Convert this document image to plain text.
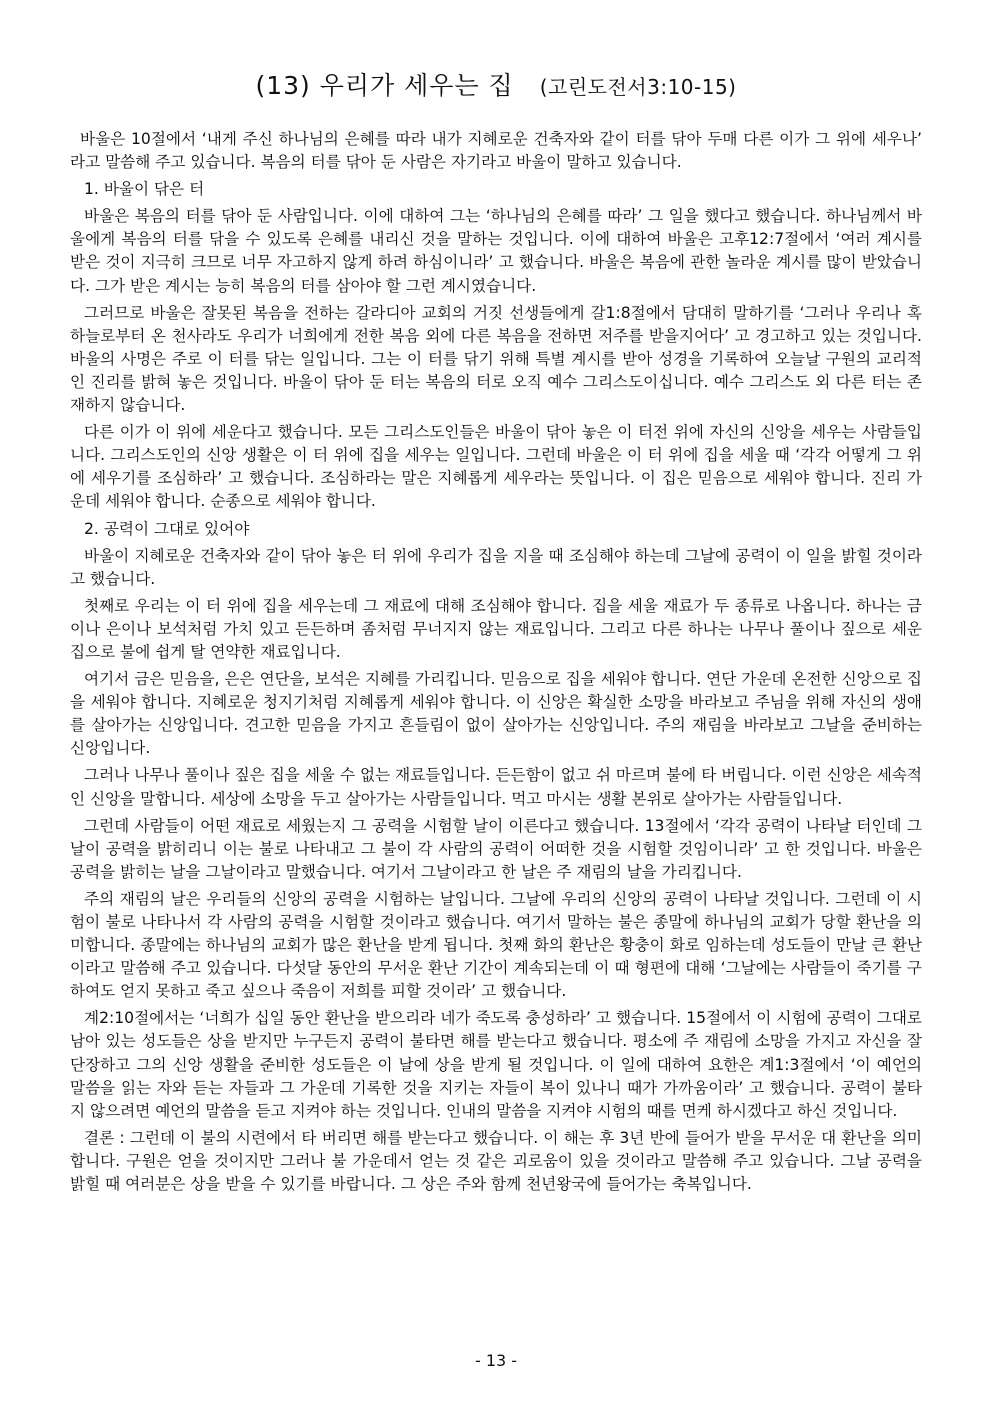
(13) 우리가 세우는 집 (고린도전서3:10-15)

바울은 10절에서 ‘내게 주신 하나님의 은혜를 따라 내가 지혜로운 건축자와 같이 터를 닦아 두매 다른 이가 그 위에 세우나’ 라고 말씀해 주고 있습니다. 복음의 터를 닦아 둔 사람은 자기라고 바울이 말하고 있습니다.

1. 바울이 닦은 터

바울은 복음의 터를 닦아 둔 사람입니다. 이에 대하여 그는 ‘하나님의 은혜를 따라’ 그 일을 했다고 했습니다. 하나님께서 바울에게 복음의 터를 닦을 수 있도록 은혜를 내리신 것을 말하는 것입니다. 이에 대하여 바울은 고후12:7절에서 ‘여러 계시를 받은 것이 지극히 크므로 너무 자고하지 않게 하려 하심이니라’ 고 했습니다. 바울은 복음에 관한 놀라운 계시를 많이 받았습니다. 그가 받은 계시는 능히 복음의 터를 삼아야 할 그런 계시였습니다.

그러므로 바울은 잘못된 복음을 전하는 갈라디아 교회의 거짓 선생들에게 갈1:8절에서 담대히 말하기를 ‘그러나 우리나 혹 하늘로부터 온 천사라도 우리가 너희에게 전한 복음 외에 다른 복음을 전하면 저주를 받을지어다’ 고 경고하고 있는 것입니다. 바울의 사명은 주로 이 터를 닦는 일입니다. 그는 이 터를 닦기 위해 특별 계시를 받아 성경을 기록하여 오늘날 구원의 교리적인 진리를 밝혀 놓은 것입니다. 바울이 닦아 둔 터는 복음의 터로 오직 예수 그리스도이십니다. 예수 그리스도 외 다른 터는 존재하지 않습니다.

다른 이가 이 위에 세운다고 했습니다. 모든 그리스도인들은 바울이 닦아 놓은 이 터전 위에 자신의 신앙을 세우는 사람들입니다. 그리스도인의 신앙 생활은 이 터 위에 집을 세우는 일입니다. 그런데 바울은 이 터 위에 집을 세울 때 ‘각각 어떻게 그 위에 세우기를 조심하라’ 고 했습니다. 조심하라는 말은 지혜롭게 세우라는 뜻입니다. 이 집은 믿음으로 세워야 합니다. 진리 가운데 세워야 합니다. 순종으로 세워야 합니다.

2. 공력이 그대로 있어야

바울이 지혜로운 건축자와 같이 닦아 놓은 터 위에 우리가 집을 지을 때 조심해야 하는데 그날에 공력이 이 일을 밝힐 것이라고 했습니다.

첫째로 우리는 이 터 위에 집을 세우는데 그 재료에 대해 조심해야 합니다. 집을 세울 재료가 두 종류로 나옵니다. 하나는 금이나 은이나 보석처럼 가치 있고 든든하며 좀처럼 무너지지 않는 재료입니다. 그리고 다른 하나는 나무나 풀이나 짚으로 세운 집으로 불에 쉽게 탈 연약한 재료입니다.

여기서 금은 믿음을, 은은 연단을, 보석은 지혜를 가리킵니다. 믿음으로 집을 세워야 합니다. 연단 가운데 온전한 신앙으로 집을 세워야 합니다. 지혜로운 청지기처럼 지혜롭게 세워야 합니다. 이 신앙은 확실한 소망을 바라보고 주님을 위해 자신의 생애를 살아가는 신앙입니다. 견고한 믿음을 가지고 흔들림이 없이 살아가는 신앙입니다. 주의 재림을 바라보고 그날을 준비하는 신앙입니다.

그러나 나무나 풀이나 짚은 집을 세울 수 없는 재료들입니다. 든든함이 없고 쉬 마르며 불에 타 버립니다. 이런 신앙은 세속적인 신앙을 말합니다. 세상에 소망을 두고 살아가는 사람들입니다. 먹고 마시는 생활 본위로 살아가는 사람들입니다.

그런데 사람들이 어떤 재료로 세웠는지 그 공력을 시험할 날이 이른다고 했습니다. 13절에서 ‘각각 공력이 나타날 터인데 그날이 공력을 밝히리니 이는 불로 나타내고 그 불이 각 사람의 공력이 어떠한 것을 시험할 것임이니라’ 고 한 것입니다. 바울은 공력을 밝히는 날을 그날이라고 말했습니다. 여기서 그날이라고 한 날은 주 재림의 날을 가리킵니다.

주의 재림의 날은 우리들의 신앙의 공력을 시험하는 날입니다. 그날에 우리의 신앙의 공력이 나타날 것입니다. 그런데 이 시험이 불로 나타나서 각 사람의 공력을 시험할 것이라고 했습니다. 여기서 말하는 불은 종말에 하나님의 교회가 당할 환난을 의미합니다. 종말에는 하나님의 교회가 많은 환난을 받게 됩니다. 첫째 화의 환난은 황충이 화로 임하는데 성도들이 만날 큰 환난이라고 말씀해 주고 있습니다. 다섯달 동안의 무서운 환난 기간이 계속되는데 이 때 형편에 대해 ‘그날에는 사람들이 죽기를 구하여도 얻지 못하고 죽고 싶으나 죽음이 저희를 피할 것이라’ 고 했습니다.

계2:10절에서는 ‘너희가 십일 동안 환난을 받으리라 네가 죽도록 충성하라’ 고 했습니다. 15절에서 이 시험에 공력이 그대로 남아 있는 성도들은 상을 받지만 누구든지 공력이 불타면 해를 받는다고 했습니다. 평소에 주 재림에 소망을 가지고 자신을 잘 단장하고 그의 신앙 생활을 준비한 성도들은 이 날에 상을 받게 될 것입니다. 이 일에 대하여 요한은 계1:3절에서 ‘이 예언의 말씀을 읽는 자와 듣는 자들과 그 가운데 기록한 것을 지키는 자들이 복이 있나니 때가 가까움이라’ 고 했습니다. 공력이 불타지 않으려면 예언의 말씀을 듣고 지켜야 하는 것입니다. 인내의 말씀을 지켜야 시험의 때를 면케 하시겠다고 하신 것입니다.

결론 : 그런데 이 불의 시련에서 타 버리면 해를 받는다고 했습니다. 이 해는 후 3년 반에 들어가 받을 무서운 대 환난을 의미합니다. 구원은 얻을 것이지만 그러나 불 가운데서 얻는 것 같은 괴로움이 있을 것이라고 말씀해 주고 있습니다. 그날 공력을 밝힐 때 여러분은 상을 받을 수 있기를 바랍니다. 그 상은 주와 함께 천년왕국에 들어가는 축복입니다.

- 13 -
